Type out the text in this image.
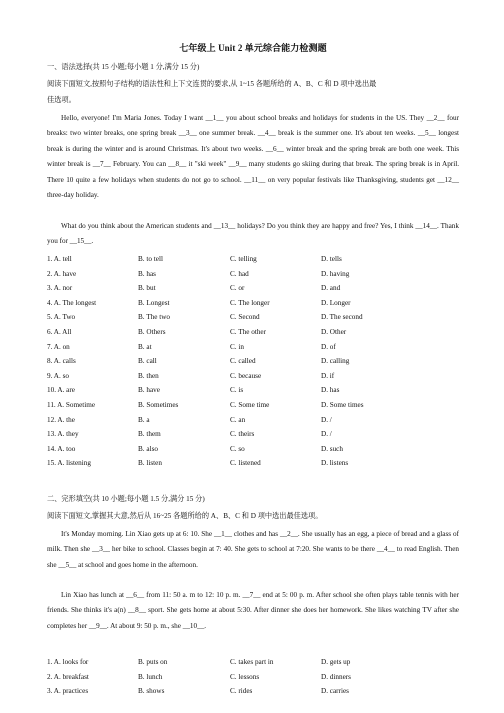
七年级上 Unit 2 单元综合能力检测题
一、语法选择(共 15 小题;每小题 1 分,满分 15 分)
阅读下面短文,按照句子结构的语法性和上下文连贯的要求,从 1~15 各题所给的 A、B、C 和 D 项中选出最
佳选项。
Hello, everyone! I'm Maria Jones. Today I want __1__ you about school breaks and holidays for students in the US. They __2__ four breaks: two winter breaks, one spring break __3__ one summer break. __4__ break is the summer one. It's about ten weeks. __5__ longest break is during the winter and is around Christmas. It's about two weeks. __6__ winter break and the spring break are both one week. This winter break is __7__ February. You can __8__ it "ski week" __9__ many students go skiing during that break. The spring break is in April. There 10 quite a few holidays when students do not go to school. __11__ on very popular festivals like Thanksgiving, students get __12__ three-day holiday.
What do you think about the American students and __13__ holidays? Do you think they are happy and free? Yes, I think __14__. Thank you for __15__.
1. A. tell	B. to tell	C. telling	D. tells
2. A. have	B. has	C. had	D. having
3. A. nor	B. but	C. or	D. and
4. A. The longest	B. Longest	C. The longer	D. Longer
5. A. Two	B. The two	C. Second	D. The second
6. A. All	B. Others	C. The other	D. Other
7. A. on	B. at	C. in	D. of
8. A. calls	B. call	C. called	D. calling
9. A. so	B. then	C. because	D. if
10. A. are	B. have	C. is	D. has
11. A. Sometime	B. Sometimes	C. Some time	D. Some times
12. A. the	B. a	C. an	D. /
13. A. they	B. them	C. theirs	D. /
14. A. too	B. also	C. so	D. such
15. A. listening	B. listen	C. listened	D. listens
二、完形填空(共 10 小题;每小题 1.5 分,满分 15 分)
阅读下面短文,掌握其大意,然后从 16~25 各题所给的 A、B、C 和 D 项中选出最佳选项。
It's Monday morning. Lin Xiao gets up at 6: 10. She __1__ clothes and has __2__. She usually has an egg, a piece of bread and a glass of milk. Then she __3__ her bike to school. Classes begin at 7: 40. She gets to school at 7:20. She wants to be there __4__ to read English. Then she __5__ at school and goes home in the afternoon.
Lin Xiao has lunch at __6__ from 11: 50 a. m to 12: 10 p. m. __7__ end at 5: 00 p. m. After school she often plays table tennis with her friends. She thinks it's a(n) __8__ sport. She gets home at about 5:30. After dinner she does her homework. She likes watching TV after she completes her __9__. At about 9: 50 p. m., she __10__.
1. A. looks for	B. puts on	C. takes part in	D. gets up
2. A. breakfast	B. lunch	C. lessons	D. dinners
3. A. practices	B. shows	C. rides	D. carries
